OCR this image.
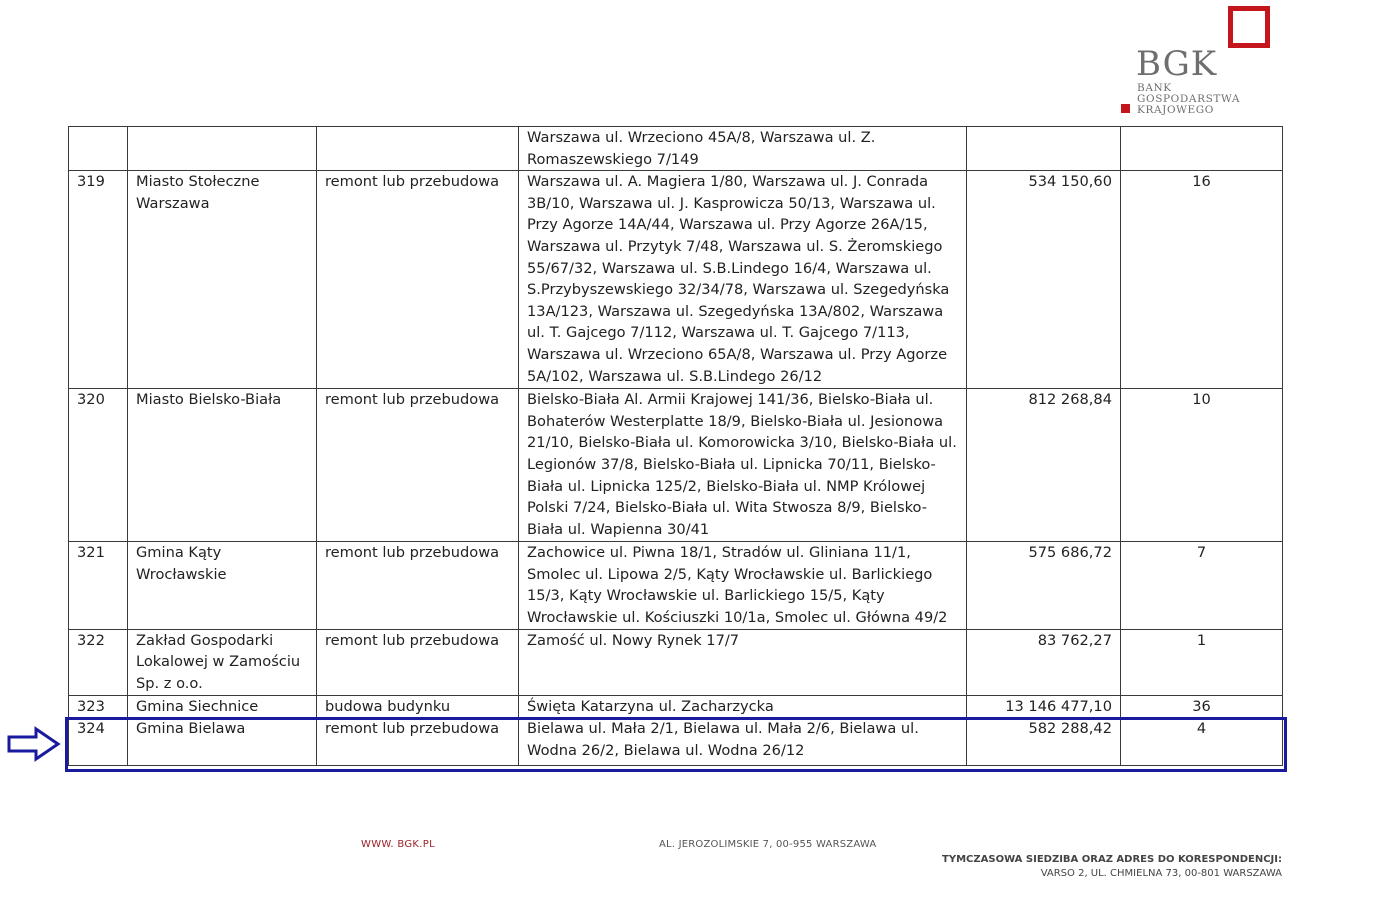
BGK
BANK GOSPODARSTWA
KRAJOWEGO
			Warszawa ul. Wrzeciono 45A/8, Warszawa ul. Z. Romaszewskiego 7/149		
319	Miasto Stołeczne Warszawa	remont lub przebudowa	Warszawa ul. A. Magiera 1/80, Warszawa ul. J. Conrada 3B/10, Warszawa ul. J. Kasprowicza 50/13, Warszawa ul. Przy Agorze 14A/44, Warszawa ul. Przy Agorze 26A/15, Warszawa ul. Przytyk 7/48, Warszawa ul. S. Żeromskiego 55/67/32, Warszawa ul. S.B.Lindego 16/4, Warszawa ul. S.Przybyszewskiego 32/34/78, Warszawa ul. Szegedyńska 13A/123, Warszawa ul. Szegedyńska 13A/802, Warszawa ul. T. Gajcego 7/112, Warszawa ul. T. Gajcego 7/113, Warszawa ul. Wrzeciono 65A/8, Warszawa ul. Przy Agorze 5A/102, Warszawa ul. S.B.Lindego 26/12	534 150,60	16
320	Miasto Bielsko-Biała	remont lub przebudowa	Bielsko-Biała Al. Armii Krajowej 141/36, Bielsko-Biała ul. Bohaterów Westerplatte 18/9, Bielsko-Biała ul. Jesionowa 21/10, Bielsko-Biała ul. Komorowicka 3/10, Bielsko-Biała ul. Legionów 37/8, Bielsko-Biała ul. Lipnicka 70/11, Bielsko-Biała ul. Lipnicka 125/2, Bielsko-Biała ul. NMP Królowej Polski 7/24, Bielsko-Biała ul. Wita Stwosza 8/9, Bielsko-Biała ul. Wapienna 30/41	812 268,84	10
321	Gmina Kąty Wrocławskie	remont lub przebudowa	Zachowice ul. Piwna 18/1, Stradów ul. Gliniana 11/1, Smolec ul. Lipowa 2/5, Kąty Wrocławskie ul. Barlickiego 15/3, Kąty Wrocławskie ul. Barlickiego 15/5, Kąty Wrocławskie ul. Kościuszki 10/1a, Smolec ul. Główna 49/2	575 686,72	7
322	Zakład Gospodarki Lokalowej w Zamościu Sp. z o.o.	remont lub przebudowa	Zamość ul. Nowy Rynek 17/7	83 762,27	1
323	Gmina Siechnice	budowa budynku	Święta Katarzyna ul. Zacharzycka	13 146 477,10	36
324	Gmina Bielawa	remont lub przebudowa	Bielawa ul. Mała 2/1, Bielawa ul. Mała 2/6, Bielawa ul. Wodna 26/2, Bielawa ul. Wodna 26/12	582 288,42	4
WWW. BGK.PL	AL. JEROZOLIMSKIE 7, 00-955 WARSZAWA
TYMCZASOWA SIEDZIBA ORAZ ADRES DO KORESPONDENCJI:
VARSO 2, UL. CHMIELNA 73, 00-801 WARSZAWA
